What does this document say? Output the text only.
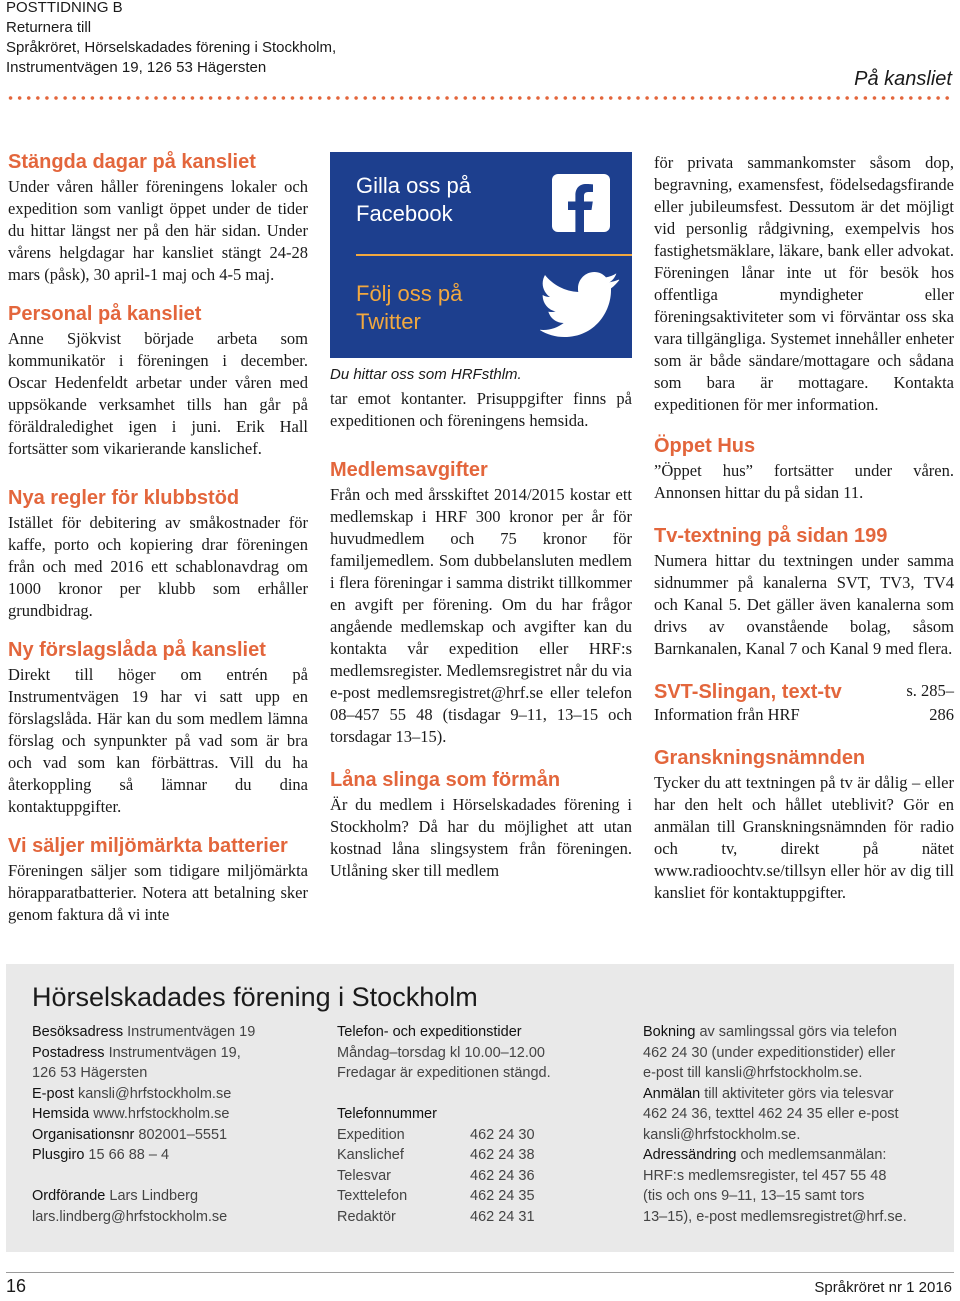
POSTTIDNING B
Returnera till
Språkröret, Hörselskadades förening i Stockholm,
Instrumentvägen 19, 126 53 Hägersten
På kansliet
Stängda dagar på kansliet

Under våren håller föreningens lokaler och expedition som vanligt öppet under de tider du hittar längst ner på den här sidan. Under vårens helgdagar har kansliet stängt 24-28 mars (påsk), 30 april-1 maj och 4-5 maj.

Personal på kansliet

Anne Sjökvist började arbeta som kommunikatör i föreningen i december. Oscar Hedenfeldt arbetar under våren med uppsökande verksamhet tills han går på föräldraledighet igen i juni. Erik Hall fortsätter som vikarierande kanslichef.

Nya regler för klubbstöd

Istället för debitering av småkostnader för kaffe, porto och kopiering drar föreningen från och med 2016 ett schablonavdrag om 1000 kronor per klubb som erhåller grundbidrag.

Ny förslagslåda på kansliet

Direkt till höger om entrén på Instrumentvägen 19 har vi satt upp en förslagslåda. Här kan du som medlem lämna förslag och synpunkter på vad som är bra och vad som kan förbättras. Vill du ha återkoppling så lämnar du dina kontaktuppgifter.

Vi säljer miljömärkta batterier

Föreningen säljer som tidigare miljömärkta hörapparatbatterier. Notera att betalning sker genom faktura då vi inte

Gilla oss på
Facebook
Följ oss på
Twitter
Du hittar oss som HRFsthlm.

tar emot kontanter. Prisuppgifter finns på expeditionen och föreningens hemsida.

Medlemsavgifter

Från och med årsskiftet 2014/2015 kostar ett medlemskap i HRF 300 kronor per år för huvudmedlem och 75 kronor för familjemedlem. Som dubbelansluten medlem i flera föreningar i samma distrikt tillkommer en avgift per förening. Om du har frågor angående medlemskap och avgifter kan du kontakta vår expedition eller HRF:s medlemsregister. Medlemsregistret når du via e-post medlemsregistret@hrf.se eller telefon 08–457 55 48 (tisdagar 9–11, 13–15 och torsdagar 13–15).

Låna slinga som förmån

Är du medlem i Hörselskadades förening i Stockholm? Då har du möjlighet att utan kostnad låna slingsystem från föreningen. Utlåning sker till medlem

för privata sammankomster såsom dop, begravning, examensfest, födelsedagsfirande eller jubileumsfest. Dessutom är det möjligt vid personlig rådgivning, exempelvis hos fastighetsmäklare, läkare, bank eller advokat. Föreningen lånar inte ut för besök hos offentliga myndigheter eller föreningsaktiviteter som vi förväntar oss ska vara tillgängliga. Systemet innehåller enheter som är både sändare/mottagare och sådana som bara är mottagare. Kontakta expeditionen för mer information.

Öppet Hus

”Öppet hus” fortsätter under våren. Annonsen hittar du på sidan 11.

Tv-textning på sidan 199

Numera hittar du textningen under samma sidnummer på kanalerna SVT, TV3, TV4 och Kanal 5. Det gäller även kanalerna som drivs av ovanstående bolag, såsom Barnkanalen, Kanal 7 och Kanal 9 med flera.

SVT-Slingan, text-tv	s. 285–

Information från HRF	286

Granskningsnämnden

Tycker du att textningen på tv är dålig – eller har den helt och hållet uteblivit? Gör en anmälan till Granskningsnämnden för radio och tv, direkt på nätet www.radioochtv.se/tillsyn eller hör av dig till kansliet för kontaktuppgifter.

Hörselskadades förening i Stockholm
Besöksadress Instrumentvägen 19
Postadress Instrumentvägen 19,
126 53 Hägersten
E-post kansli@hrfstockholm.se
Hemsida www.hrfstockholm.se
Organisationsnr 802001–5551
Plusgiro 15 66 88 – 4
Ordförande Lars Lindberg
lars.lindberg@hrfstockholm.se
Telefon- och expeditionstider
Måndag–torsdag kl 10.00–12.00
Fredagar är expeditionen stängd.
Telefonnummer
Expedition	462 24 30
Kanslichef	462 24 38
Telesvar	462 24 36
Texttelefon	462 24 35
Redaktör	462 24 31
Bokning av samlingssal görs via telefon
462 24 30 (under expeditionstider) eller
e-post till kansli@hrfstockholm.se.
Anmälan till aktiviteter görs via telesvar
462 24 36, texttel 462 24 35 eller e-post
kansli@hrfstockholm.se.
Adressändring och medlemsanmälan:
HRF:s medlemsregister, tel 457 55 48
(tis och ons 9–11, 13–15 samt tors
13–15), e-post medlemsregistret@hrf.se.
16	Språkröret nr 1 2016
